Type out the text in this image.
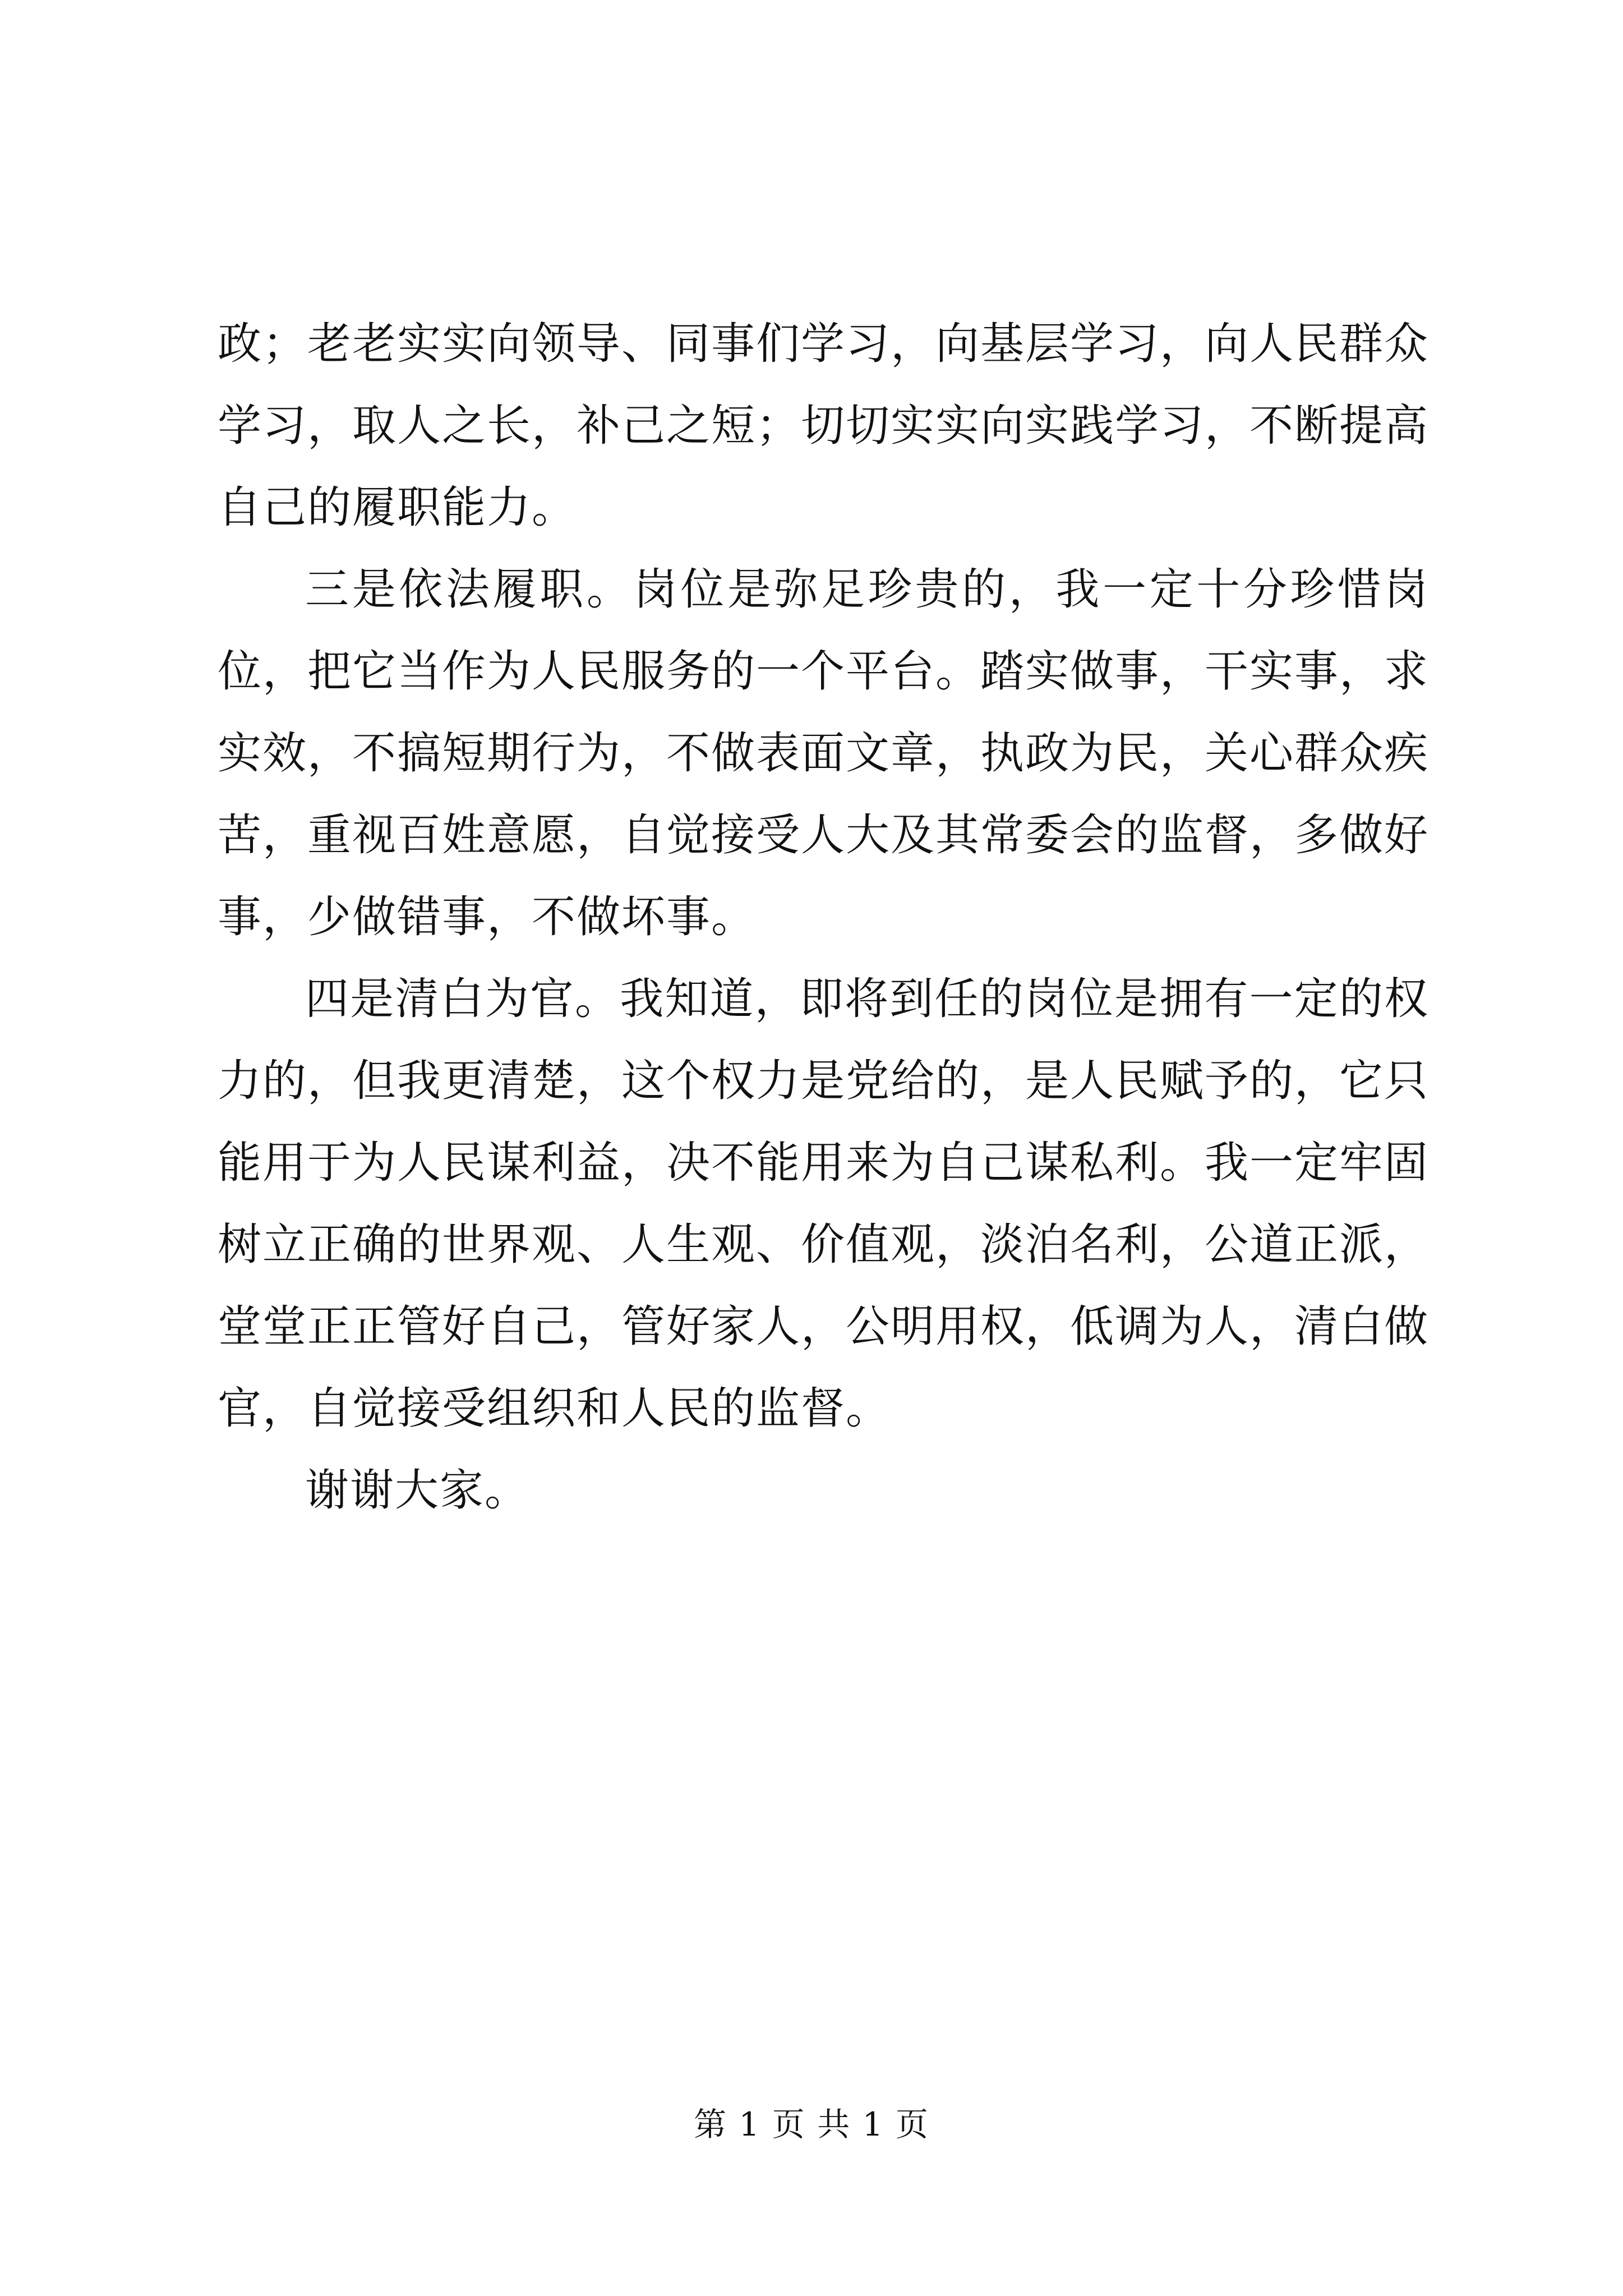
政；老老实实向领导、同事们学习，向基层学习，向人民群众学习，取人之长，补己之短；切切实实向实践学习，不断提高自己的履职能力。

三是依法履职。岗位是弥足珍贵的，我一定十分珍惜岗位，把它当作为人民服务的一个平台。踏实做事，干实事，求实效，不搞短期行为，不做表面文章，执政为民，关心群众疾苦，重视百姓意愿，自觉接受人大及其常委会的监督，多做好事，少做错事，不做坏事。

四是清白为官。我知道，即将到任的岗位是拥有一定的权力的，但我更清楚，这个权力是党给的，是人民赋予的，它只能用于为人民谋利益，决不能用来为自己谋私利。我一定牢固树立正确的世界观、人生观、价值观，淡泊名利，公道正派，堂堂正正管好自己，管好家人，公明用权，低调为人，清白做官，自觉接受组织和人民的监督。

谢谢大家。

第 1 页 共 1 页
